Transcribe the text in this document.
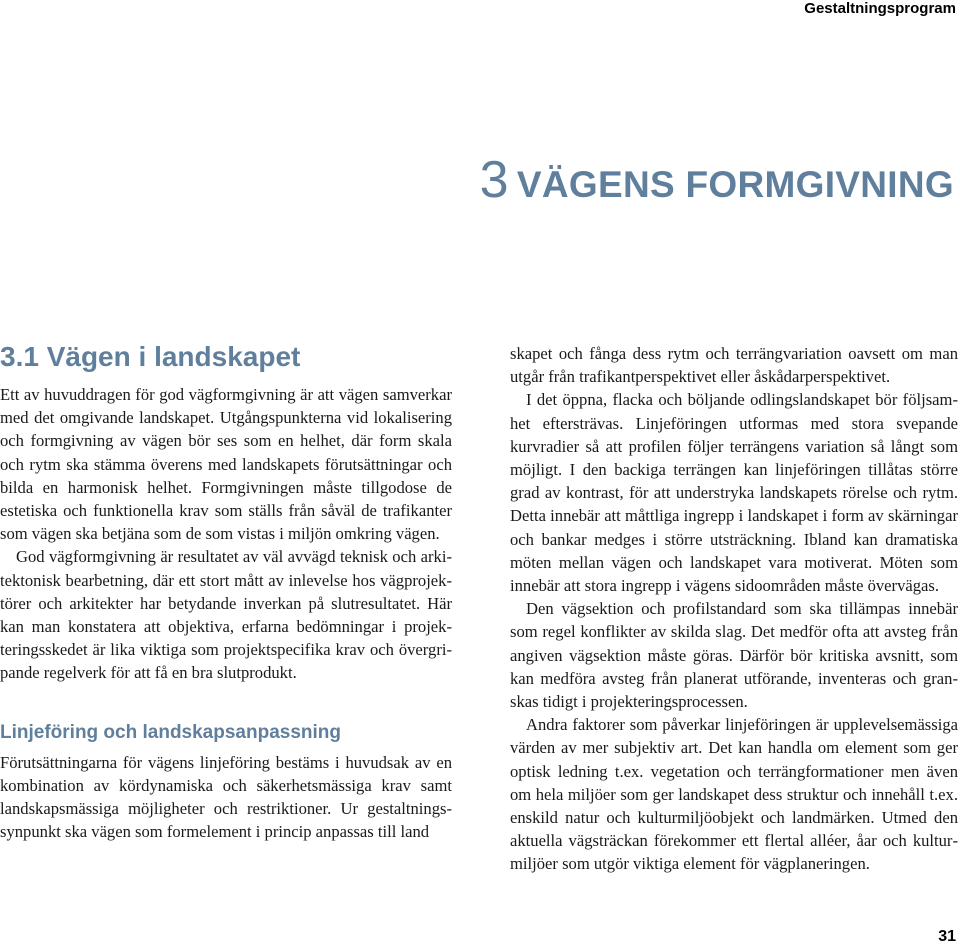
Gestaltningsprogram
3 VÄGENS FORMGIVNING
3.1 Vägen i landskapet

Ett av huvuddragen för god vägformgivning är att vägen samverkar med det omgivande landskapet. Utgångspunkterna vid lokalisering och formgivning av vägen bör ses som en helhet, där form skala och rytm ska stämma överens med landskapets förutsättningar och bilda en harmonisk helhet. Formgivningen måste tillgodose de estetiska och funktionella krav som ställs från såväl de trafikanter som vägen ska betjäna som de som vistas i miljön omkring vägen.

God vägformgivning är resultatet av väl avvägd teknisk och arkitektonisk bearbetning, där ett stort mått av inlevelse hos vägprojektörer och arkitekter har betydande inverkan på slutresultatet. Här kan man konstatera att objektiva, erfarna bedömningar i projekteringsskedet är lika viktiga som projektspecifika krav och övergripande regelverk för att få en bra slutprodukt.

Linjeföring och landskapsanpassning

Förutsättningarna för vägens linjeföring bestäms i huvudsak av en kombination av kördynamiska och säkerhetsmässiga krav samt landskapsmässiga möjligheter och restriktioner. Ur gestaltningssynpunkt ska vägen som formelement i princip anpassas till land

skapet och fånga dess rytm och terrängvariation oavsett om man utgår från trafikantperspektivet eller åskådarperspektivet.

I det öppna, flacka och böljande odlingslandskapet bör följsamhet eftersträvas. Linjeföringen utformas med stora svepande kurvradier så att profilen följer terrängens variation så långt som möjligt. I den backiga terrängen kan linjeföringen tillåtas större grad av kontrast, för att understryka landskapets rörelse och rytm. Detta innebär att måttliga ingrepp i landskapet i form av skärningar och bankar medges i större utsträckning. Ibland kan dramatiska möten mellan vägen och landskapet vara motiverat. Möten som innebär att stora ingrepp i vägens sidoområden måste övervägas.

Den vägsektion och profilstandard som ska tillämpas innebär som regel konflikter av skilda slag. Det medför ofta att avsteg från angiven vägsektion måste göras. Därför bör kritiska avsnitt, som kan medföra avsteg från planerat utförande, inventeras och granskas tidigt i projekteringsprocessen.

Andra faktorer som påverkar linjeföringen är upplevelsemässiga värden av mer subjektiv art. Det kan handla om element som ger optisk ledning t.ex. vegetation och terrängformationer men även om hela miljöer som ger landskapet dess struktur och innehåll t.ex. enskild natur och kulturmiljöobjekt och landmärken. Utmed den aktuella vägsträckan förekommer ett flertal alléer, åar och kulturmiljöer som utgör viktiga element för vägplaneringen.

31
